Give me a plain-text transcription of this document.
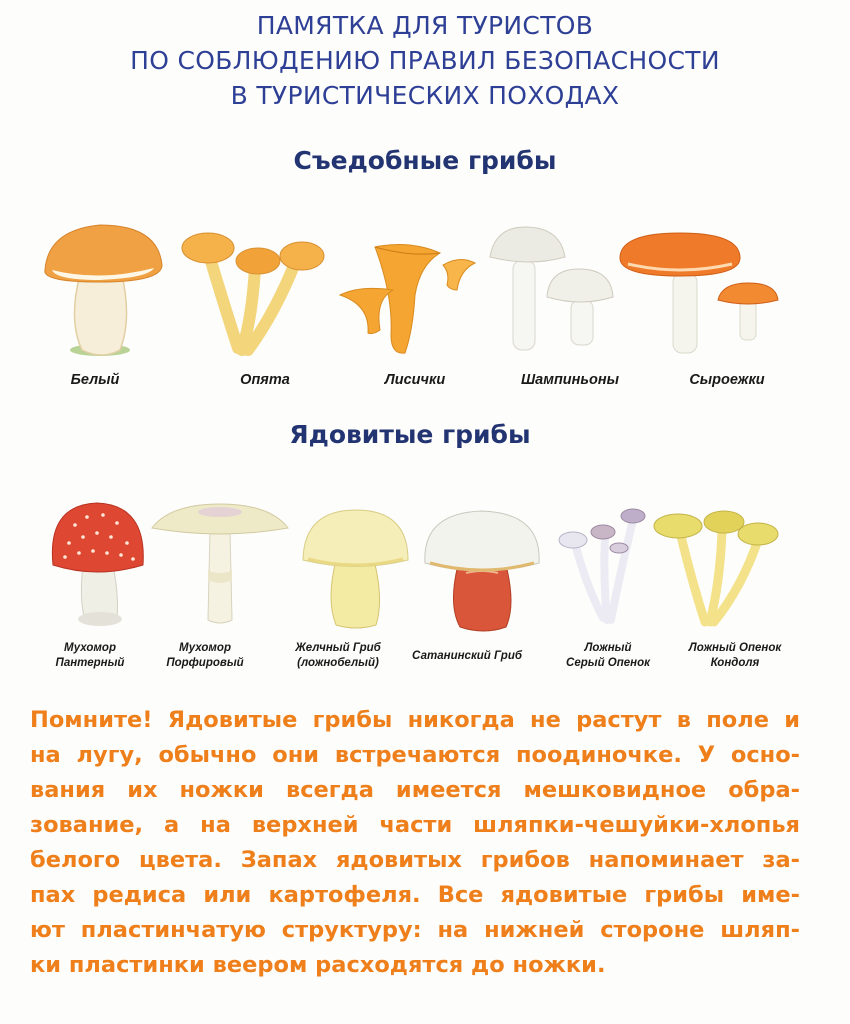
ПАМЯТКА ДЛЯ ТУРИСТОВ
ПО СОБЛЮДЕНИЮ ПРАВИЛ БЕЗОПАСНОСТИ
В ТУРИСТИЧЕСКИХ ПОХОДАХ
Съедобные грибы
Белый	Опята	Лисички	Шампиньоны	Сыроежки
Ядовитые грибы
Мухомор
Пантерный
Мухомор
Порфировый
Желчный Гриб
(ложнобелый)
Сатанинский Гриб
Ложный
Серый Опенок
Ложный Опенок
Кондоля
Помните! Ядовитые грибы никогда не растут в поле и
на лугу, обычно они встречаются поодиночке. У осно-
вания их ножки всегда имеется мешковидное обра-
зование, а на верхней части шляпки-чешуйки-хлопья
белого цвета. Запах ядовитых грибов напоминает за-
пах редиса или картофеля. Все ядовитые грибы име-
ют пластинчатую структуру: на нижней стороне шляп-
ки пластинки веером расходятся до ножки.
